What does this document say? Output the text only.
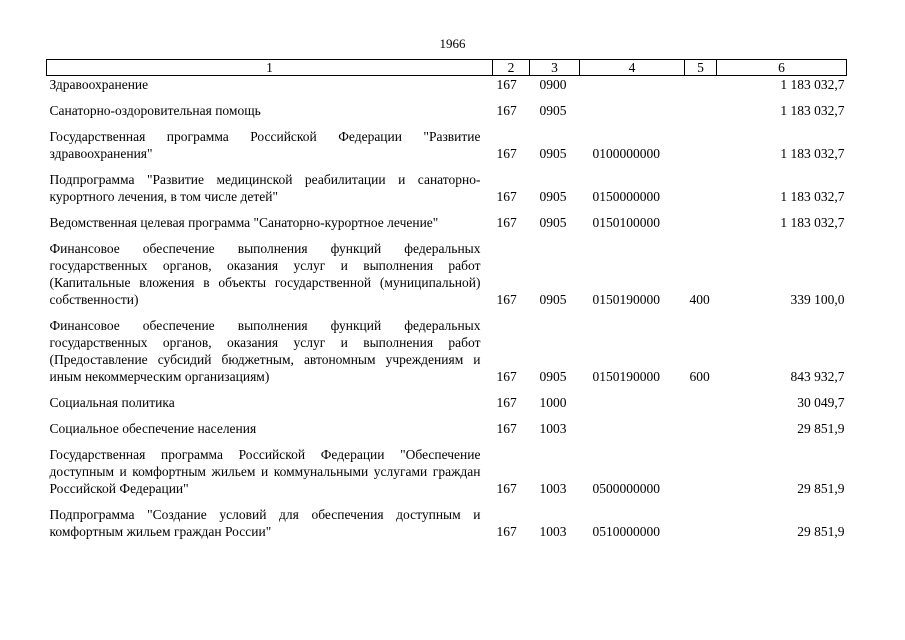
1966
1	2	3	4	5	6
Здравоохранение	167	0900			1 183 032,7

Санаторно-оздоровительная помощь	167	0905			1 183 032,7

Государственная программа Российской Федерации "Развитие здравоохранения"	167	0905	0100000000		1 183 032,7

Подпрограмма "Развитие медицинской реабилитации и санаторно-курортного лечения, в том числе детей"	167	0905	0150000000		1 183 032,7

Ведомственная целевая программа "Санаторно-курортное лечение"	167	0905	0150100000		1 183 032,7

Финансовое обеспечение выполнения функций федеральных государственных органов, оказания услуг и выполнения работ (Капитальные вложения в объекты государственной (муниципальной) собственности)	167	0905	0150190000	400	339 100,0

Финансовое обеспечение выполнения функций федеральных государственных органов, оказания услуг и выполнения работ (Предоставление субсидий бюджетным, автономным учреждениям и иным некоммерческим организациям)	167	0905	0150190000	600	843 932,7

Социальная политика	167	1000			30 049,7

Социальное обеспечение населения	167	1003			29 851,9

Государственная программа Российской Федерации "Обеспечение доступным и комфортным жильем и коммунальными услугами граждан Российской Федерации"	167	1003	0500000000		29 851,9

Подпрограмма "Создание условий для обеспечения доступным и комфортным жильем граждан России"	167	1003	0510000000		29 851,9
